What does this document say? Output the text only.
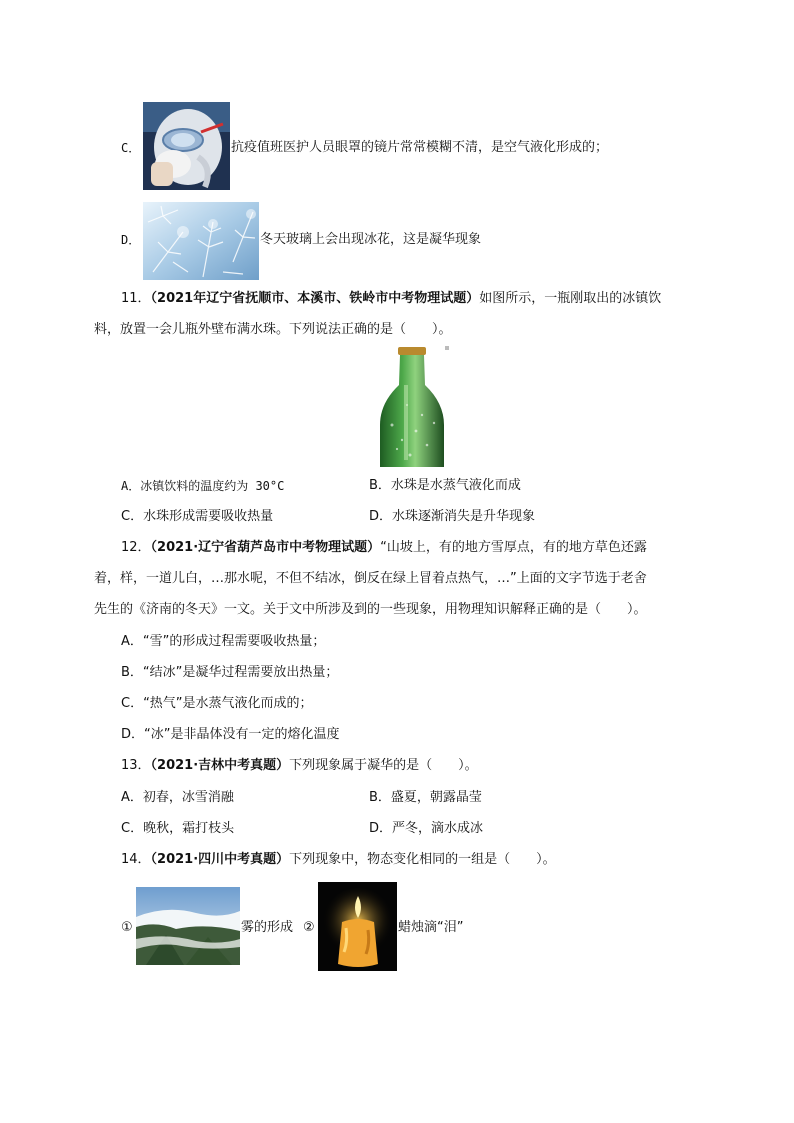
C．	抗疫值班医护人员眼罩的镜片常常模糊不清，是空气液化形成的；
D．	冬天玻璃上会出现冰花，这是凝华现象
11．（2021年辽宁省抚顺市、本溪市、铁岭市中考物理试题）如图所示，一瓶刚取出的冰镇饮
料，放置一会儿瓶外壁布满水珠。下列说法正确的是（　　）。
A．冰镇饮料的温度约为 30°C	B．水珠是水蒸气液化而成
C．水珠形成需要吸收热量	D．水珠逐渐消失是升华现象
12．（2021·辽宁省葫芦岛市中考物理试题）“山坡上，有的地方雪厚点，有的地方草色还露
着，样，一道儿白，…那水呢，不但不结冰，倒反在绿上冒着点热气，…”上面的文字节选于老舍
先生的《济南的冬天》一文。关于文中所涉及到的一些现象，用物理知识解释正确的是（　　）。
A．“雪”的形成过程需要吸收热量；
B．“结冰”是凝华过程需要放出热量；
C．“热气”是水蒸气液化而成的；
D．“冰”是非晶体没有一定的熔化温度
13．（2021·吉林中考真题）下列现象属于凝华的是（　　）。
A．初春，冰雪消融	B．盛夏，朝露晶莹
C．晚秋，霜打枝头	D．严冬，滴水成冰
14．（2021·四川中考真题）下列现象中，物态变化相同的一组是（　　）。
①	雾的形成 ②	蜡烛滴“泪”
